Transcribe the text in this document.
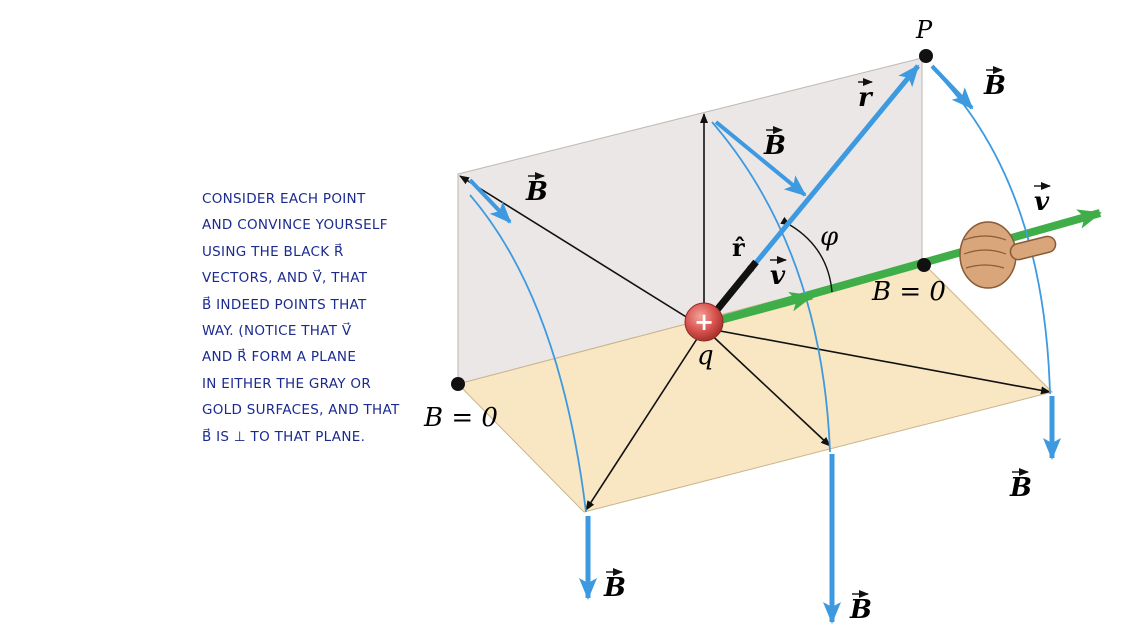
CONSIDER EACH POINT
AND CONVINCE YOURSELF
USING THE BLACK R⃗
VECTORS, AND V⃗, THAT
B⃗ INDEED POINTS THAT
WAY. (NOTICE THAT V⃗
AND R⃗ FORM A PLANE
IN EITHER THE GRAY OR
GOLD SURFACES, AND THAT
B⃗ IS ⊥ TO THAT PLANE.
+
P
q
φ
B = 0
B = 0
r̂
r
v
v
B
B
B
B
B
B
